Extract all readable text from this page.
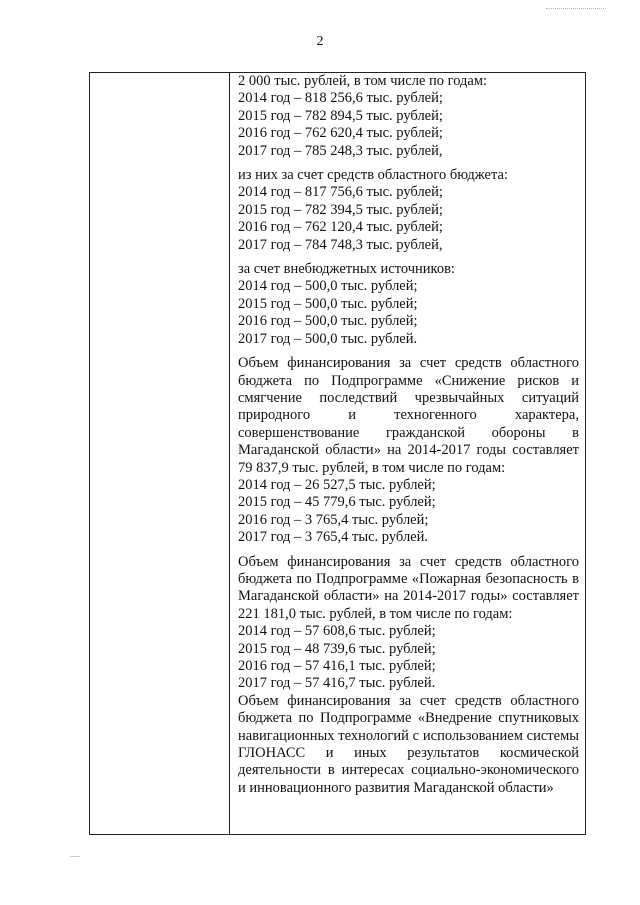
2
2 000 тыс. рублей, в том числе по годам:
2014 год – 818 256,6 тыс. рублей;
2015 год – 782 894,5 тыс. рублей;
2016 год – 762 620,4 тыс. рублей;
2017 год – 785 248,3 тыс. рублей,
из них за счет средств областного бюджета:
2014 год – 817 756,6 тыс. рублей;
2015 год – 782 394,5 тыс. рублей;
2016 год – 762 120,4 тыс. рублей;
2017 год – 784 748,3 тыс. рублей,
за счет внебюджетных источников:
2014 год – 500,0 тыс. рублей;
2015 год – 500,0 тыс. рублей;
2016 год – 500,0 тыс. рублей;
2017 год – 500,0 тыс. рублей.
Объем финансирования за счет средств областного бюджета по Подпрограмме «Снижение рисков и смягчение последствий чрезвычайных ситуаций природного и техногенного характера, совершенствование гражданской обороны в Магаданской области» на 2014-2017 годы составляет 79 837,9 тыс. рублей, в том числе по годам:
2014 год – 26 527,5 тыс. рублей;
2015 год – 45 779,6 тыс. рублей;
2016 год – 3 765,4 тыс. рублей;
2017 год – 3 765,4 тыс. рублей.
Объем финансирования за счет средств областного бюджета по Подпрограмме «Пожарная безопасность в Магаданской области» на 2014-2017 годы» составляет 221 181,0 тыс. рублей, в том числе по годам:
2014 год – 57 608,6 тыс. рублей;
2015 год – 48 739,6 тыс. рублей;
2016 год – 57 416,1 тыс. рублей;
2017 год – 57 416,7 тыс. рублей.
Объем финансирования за счет средств областного бюджета по Подпрограмме «Внедрение спутниковых навигационных технологий с использованием системы ГЛОНАСС и иных результатов космической деятельности в интересах социально-экономического и инновационного развития Магаданской области»
